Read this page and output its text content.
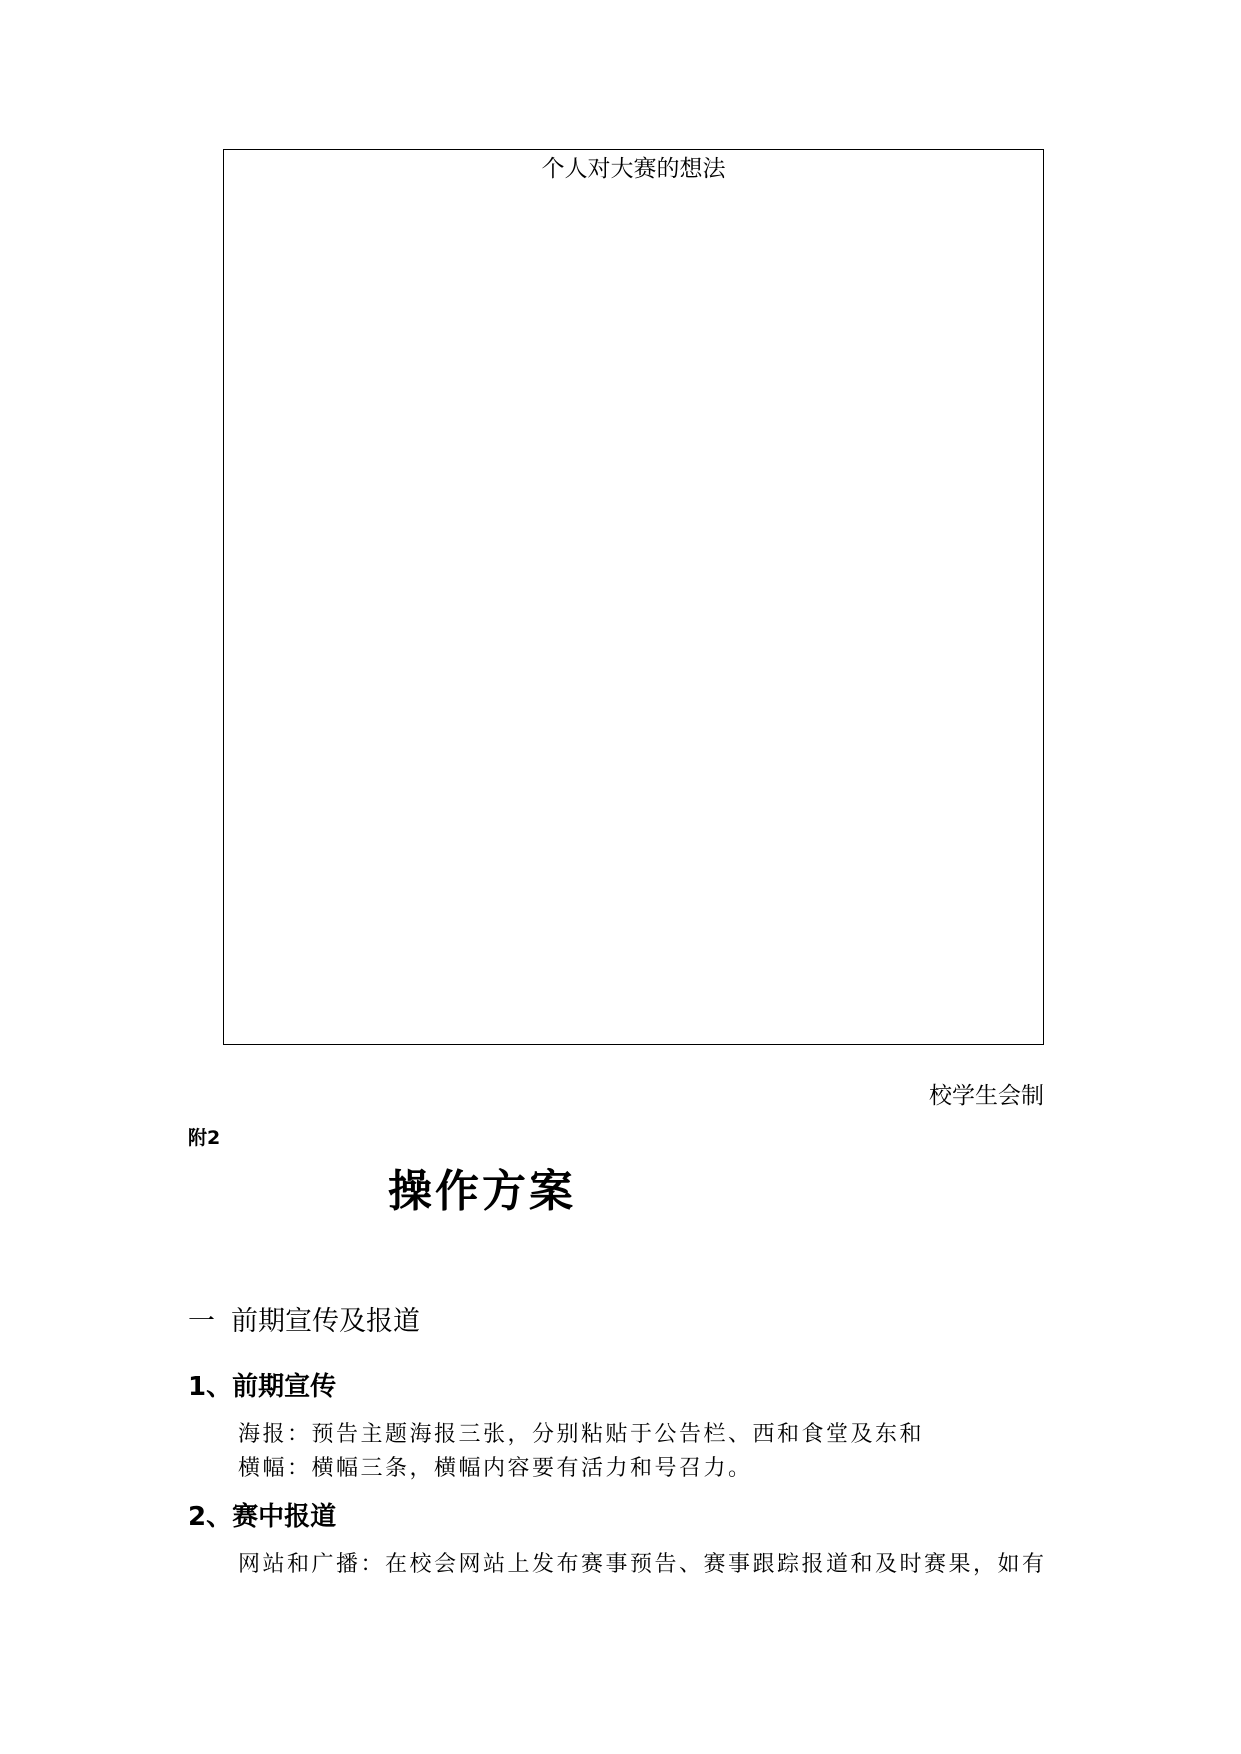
个人对大赛的想法
校学生会制
附2
操作方案
一 前期宣传及报道
1、前期宣传
海报：预告主题海报三张，分别粘贴于公告栏、西和食堂及东和
横幅：横幅三条，横幅内容要有活力和号召力。
2、赛中报道
网站和广播：在校会网站上发布赛事预告、赛事跟踪报道和及时赛果，如有
